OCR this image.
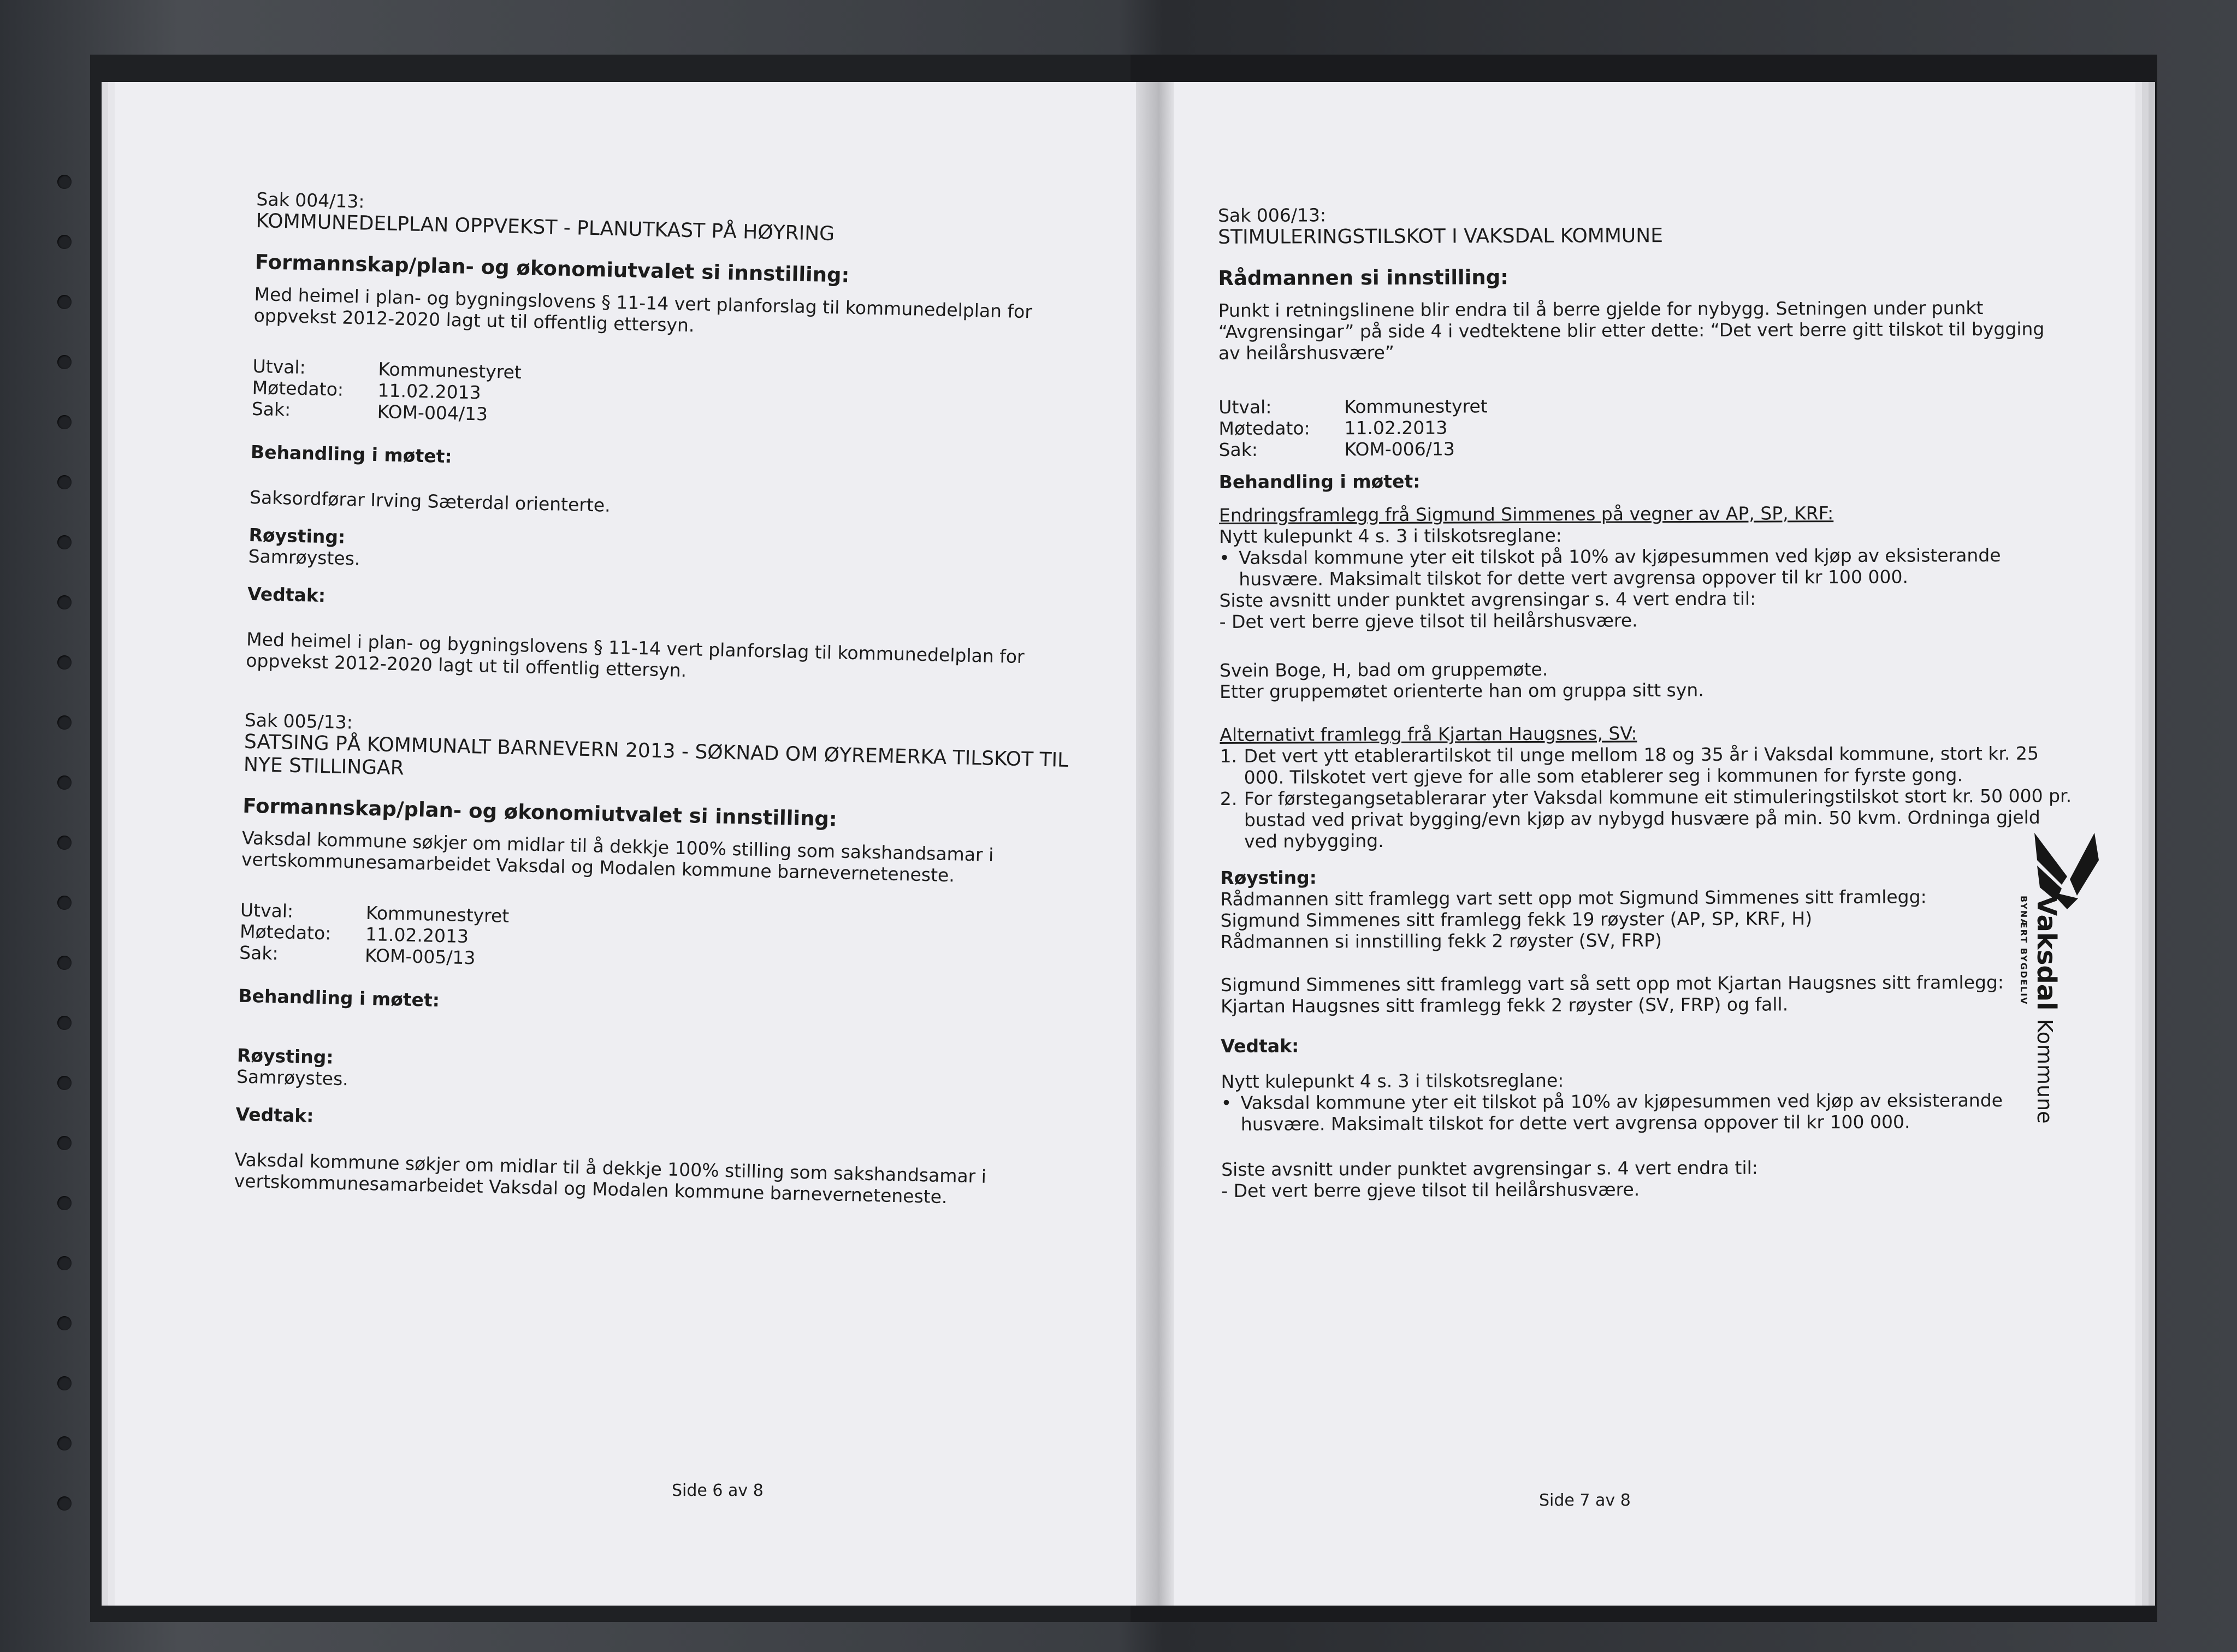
Sak 004/13:

KOMMUNEDELPLAN OPPVEKST - PLANUTKAST PÅ HØYRING

Formannskap/plan- og økonomiutvalet si innstilling:

Med heimel i plan- og bygningslovens § 11-14 vert planforslag til kommunedelplan for oppvekst 2012-2020 lagt ut til offentlig ettersyn.

Utval:	Kommunestyret
Møtedato:	11.02.2013
Sak:	KOM-004/13

Behandling i møtet:

Saksordførar Irving Sæterdal orienterte.

Røysting:

Samrøystes.

Vedtak:

Med heimel i plan- og bygningslovens § 11-14 vert planforslag til kommunedelplan for oppvekst 2012-2020 lagt ut til offentlig ettersyn.

Sak 005/13:

SATSING PÅ KOMMUNALT BARNEVERN 2013 - SØKNAD OM ØYREMERKA TILSKOT TIL NYE STILLINGAR

Formannskap/plan- og økonomiutvalet si innstilling:

Vaksdal kommune søkjer om midlar til å dekkje 100% stilling som sakshandsamar i vertskommunesamarbeidet Vaksdal og Modalen kommune barneverneteneste.

Utval:	Kommunestyret
Møtedato:	11.02.2013
Sak:	KOM-005/13

Behandling i møtet:

Røysting:

Samrøystes.

Vedtak:

Vaksdal kommune søkjer om midlar til å dekkje 100% stilling som sakshandsamar i vertskommunesamarbeidet Vaksdal og Modalen kommune barneverneteneste.

Side 6 av 8

Sak 006/13:

STIMULERINGSTILSKOT I VAKSDAL KOMMUNE

Rådmannen si innstilling:

Punkt i retningslinene blir endra til å berre gjelde for nybygg. Setningen under punkt “Avgrensingar” på side 4 i vedtektene blir etter dette: “Det vert berre gitt tilskot til bygging av heilårshusvære”

Utval:	Kommunestyret
Møtedato:	11.02.2013
Sak:	KOM-006/13

Behandling i møtet:

Endringsframlegg frå Sigmund Simmenes på vegner av AP, SP, KRF:

Nytt kulepunkt 4 s. 3 i tilskotsreglane:

• Vaksdal kommune yter eit tilskot på 10% av kjøpesummen ved kjøp av eksisterande husvære. Maksimalt tilskot for dette vert avgrensa oppover til kr 100 000.

Siste avsnitt under punktet avgrensingar s. 4 vert endra til:

- Det vert berre gjeve tilsot til heilårshusvære.

Svein Boge, H, bad om gruppemøte.

Etter gruppemøtet orienterte han om gruppa sitt syn.

Alternativt framlegg frå Kjartan Haugsnes, SV:

1. Det vert ytt etablerartilskot til unge mellom 18 og 35 år i Vaksdal kommune, stort kr. 25 000. Tilskotet vert gjeve for alle som etablerer seg i kommunen for fyrste gong.
2. For førstegangsetablerarar yter Vaksdal kommune eit stimuleringstilskot stort kr. 50 000 pr. bustad ved privat bygging/evn kjøp av nybygd husvære på min. 50 kvm. Ordninga gjeld ved nybygging.

Røysting:

Rådmannen sitt framlegg vart sett opp mot Sigmund Simmenes sitt framlegg:

Sigmund Simmenes sitt framlegg fekk 19 røyster (AP, SP, KRF, H)

Rådmannen si innstilling fekk 2 røyster (SV, FRP)

Sigmund Simmenes sitt framlegg vart så sett opp mot Kjartan Haugsnes sitt framlegg:

Kjartan Haugsnes sitt framlegg fekk 2 røyster (SV, FRP) og fall.

Vedtak:

Nytt kulepunkt 4 s. 3 i tilskotsreglane:

• Vaksdal kommune yter eit tilskot på 10% av kjøpesummen ved kjøp av eksisterande husvære. Maksimalt tilskot for dette vert avgrensa oppover til kr 100 000.

Siste avsnitt under punktet avgrensingar s. 4 vert endra til:

- Det vert berre gjeve tilsot til heilårshusvære.

Side 7 av 8
Vaksdal Kommune
BYNÆRT BYGDELIV
